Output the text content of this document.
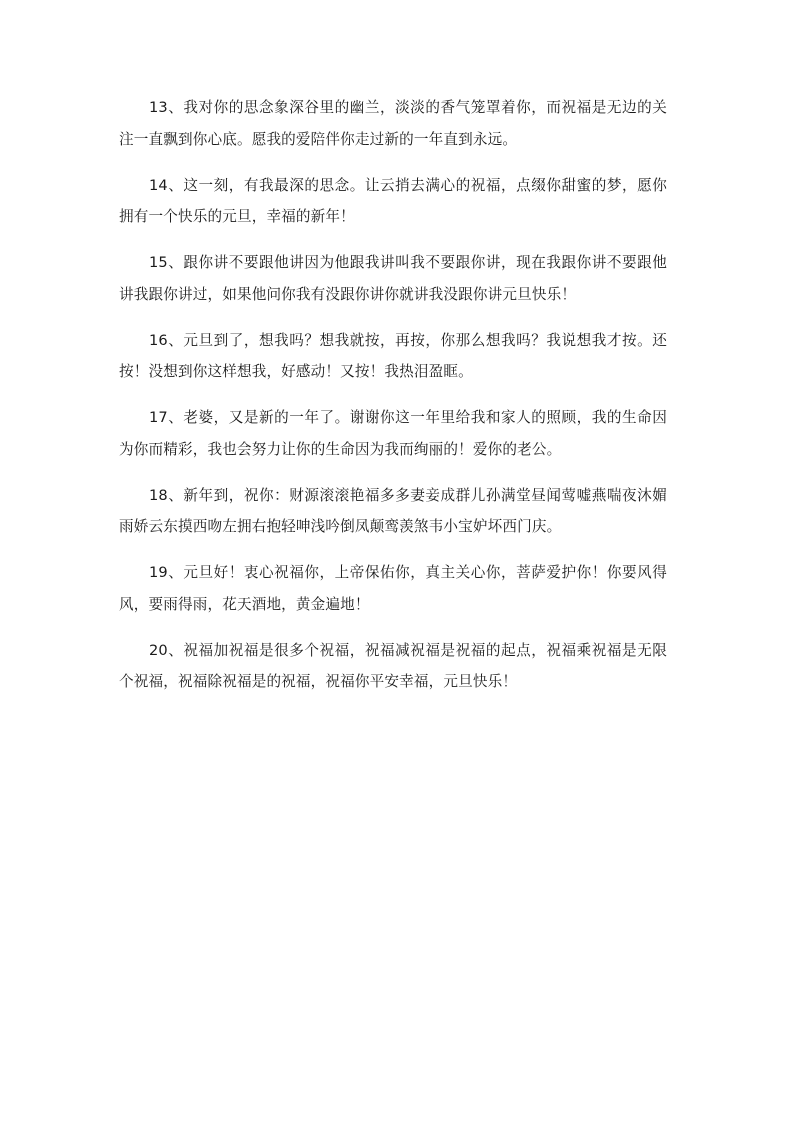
13、我对你的思念象深谷里的幽兰，淡淡的香气笼罩着你，而祝福是无边的关注一直飘到你心底。愿我的爱陪伴你走过新的一年直到永远。

14、这一刻，有我最深的思念。让云捎去满心的祝福，点缀你甜蜜的梦，愿你拥有一个快乐的元旦，幸福的新年！

15、跟你讲不要跟他讲因为他跟我讲叫我不要跟你讲，现在我跟你讲不要跟他讲我跟你讲过，如果他问你我有没跟你讲你就讲我没跟你讲元旦快乐！

16、元旦到了，想我吗？想我就按，再按，你那么想我吗？我说想我才按。还按！没想到你这样想我，好感动！又按！我热泪盈眶。

17、老婆，又是新的一年了。谢谢你这一年里给我和家人的照顾，我的生命因为你而精彩，我也会努力让你的生命因为我而绚丽的！爱你的老公。

18、新年到，祝你：财源滚滚艳福多多妻妾成群儿孙满堂昼闻莺嘘燕喘夜沐媚雨娇云东摸西吻左拥右抱轻呻浅吟倒凤颠鸾羡煞韦小宝妒坏西门庆。

19、元旦好！衷心祝福你，上帝保佑你，真主关心你，菩萨爱护你！你要风得风，要雨得雨，花天酒地，黄金遍地！

20、祝福加祝福是很多个祝福，祝福减祝福是祝福的起点，祝福乘祝福是无限个祝福，祝福除祝福是的祝福，祝福你平安幸福，元旦快乐！
